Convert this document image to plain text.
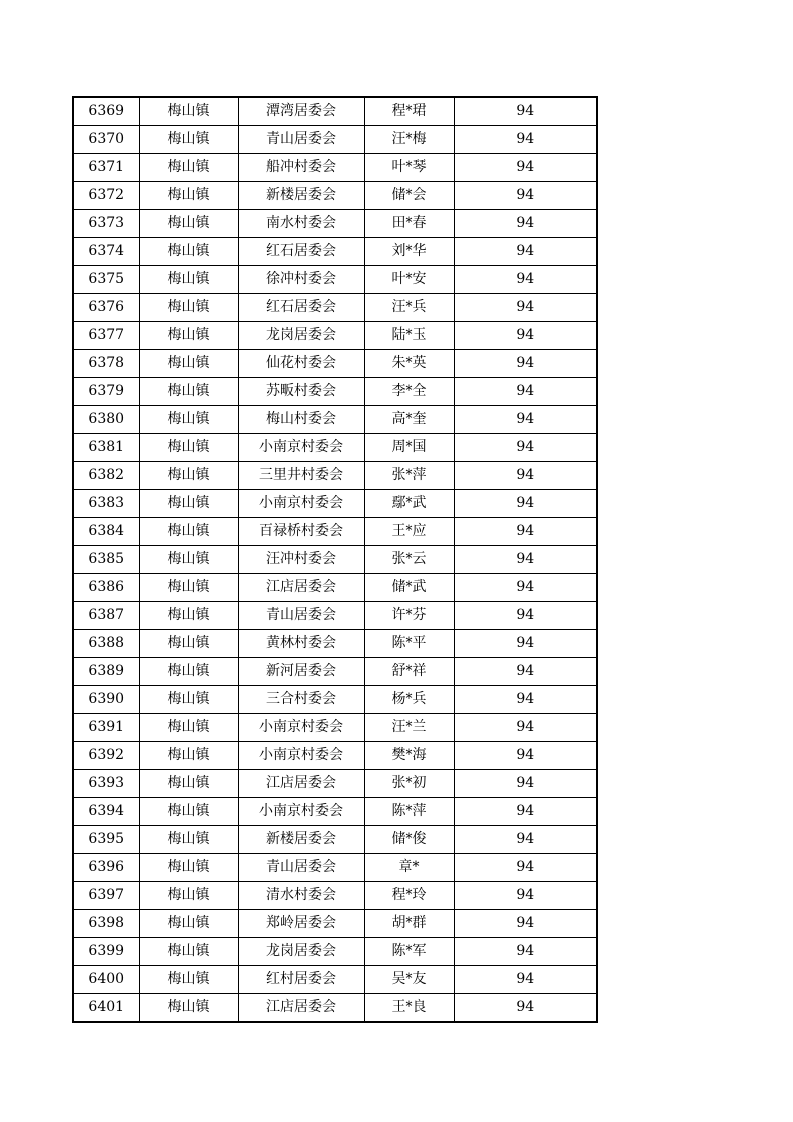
6369	梅山镇	潭湾居委会	程*珺	94
6370	梅山镇	青山居委会	汪*梅	94
6371	梅山镇	船冲村委会	叶*琴	94
6372	梅山镇	新楼居委会	储*会	94
6373	梅山镇	南水村委会	田*春	94
6374	梅山镇	红石居委会	刘*华	94
6375	梅山镇	徐冲村委会	叶*安	94
6376	梅山镇	红石居委会	汪*兵	94
6377	梅山镇	龙岗居委会	陆*玉	94
6378	梅山镇	仙花村委会	朱*英	94
6379	梅山镇	苏畈村委会	李*全	94
6380	梅山镇	梅山村委会	高*奎	94
6381	梅山镇	小南京村委会	周*国	94
6382	梅山镇	三里井村委会	张*萍	94
6383	梅山镇	小南京村委会	鄢*武	94
6384	梅山镇	百禄桥村委会	王*应	94
6385	梅山镇	汪冲村委会	张*云	94
6386	梅山镇	江店居委会	储*武	94
6387	梅山镇	青山居委会	许*芬	94
6388	梅山镇	黄林村委会	陈*平	94
6389	梅山镇	新河居委会	舒*祥	94
6390	梅山镇	三合村委会	杨*兵	94
6391	梅山镇	小南京村委会	汪*兰	94
6392	梅山镇	小南京村委会	樊*海	94
6393	梅山镇	江店居委会	张*初	94
6394	梅山镇	小南京村委会	陈*萍	94
6395	梅山镇	新楼居委会	储*俊	94
6396	梅山镇	青山居委会	章*	94
6397	梅山镇	清水村委会	程*玲	94
6398	梅山镇	郑岭居委会	胡*群	94
6399	梅山镇	龙岗居委会	陈*军	94
6400	梅山镇	红村居委会	吴*友	94
6401	梅山镇	江店居委会	王*良	94
